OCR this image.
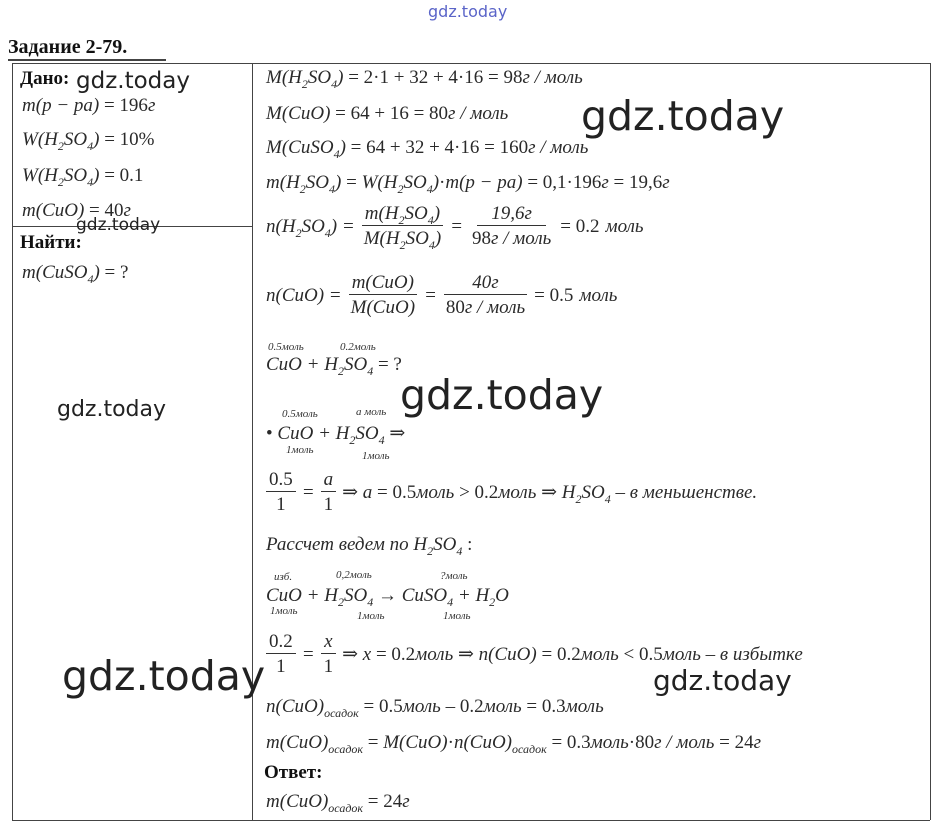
Задание 2-79.
Дано:
m(p − pa) = 196г
$W(H_2SO_4) = 10\%$
$W(H_2SO_4) = 0.1$
m(CuO) = 40г
Найти:
m(CuSO$_4$) = ?
$M(H_2SO_4) = 2\cdot 1 + 32 + 4\cdot 16 = 98г$ / моль
M(CuO) = 64 + 16 = 80г / моль
M(CuSO$_4$) = 64 + 32 + 4·16 = 160г / моль
$m(H_2SO_4) = W(H_2SO_4)\cdot m(p - pa) = 0,1\cdot 196г = 19,6г$
$n(H_2SO_4) = \frac{m(H_2SO_4)}{M(H_2SO_4)} = \frac{19,6г}{\text{98г / моль}} = 0.2$ моль
$n(CuO) = \frac{\text{m(CuO)}}{\text{M(CuO)}} = \frac{40г}{\text{80г / моль}} = 0.5$ моль
0.5моль	0.2моль
CuO + $H_2SO_4$ = ?
0.5моль	а моль
• CuO + $H_2SO_4$ ⇒
1моль	1моль
$\frac{0.5}{1} = \frac{a}{1}$ ⇒ a = 0.5моль > 0.2моль ⇒ $H_2SO_4$ – в меньшенстве.
Рассчет ведем по $H_2SO_4$ :
изб.	0,2моль	?моль
CuO + $H_2SO_4$ → CuSO$_4$ + $H_2O$
1моль	1моль	1моль
$\frac{0.2}{1} = \frac{x}{1}$ ⇒ x = 0.2моль ⇒ n(CuO) = 0.2моль < 0.5моль – в избытке
$n(CuO)_{осадок}$ = 0.5моль – 0.2моль = 0.3моль
$m(CuO)_{осадок} = M(CuO)\cdot n(CuO)_{осадок}$ = 0.3моль·80г / моль = 24г
Ответ:
$m(CuO)_{осадок} = 24г$
gdz.today
gdz.today
gdz.today
gdz.today
gdz.today
gdz.today
gdz.today	gdz.today
